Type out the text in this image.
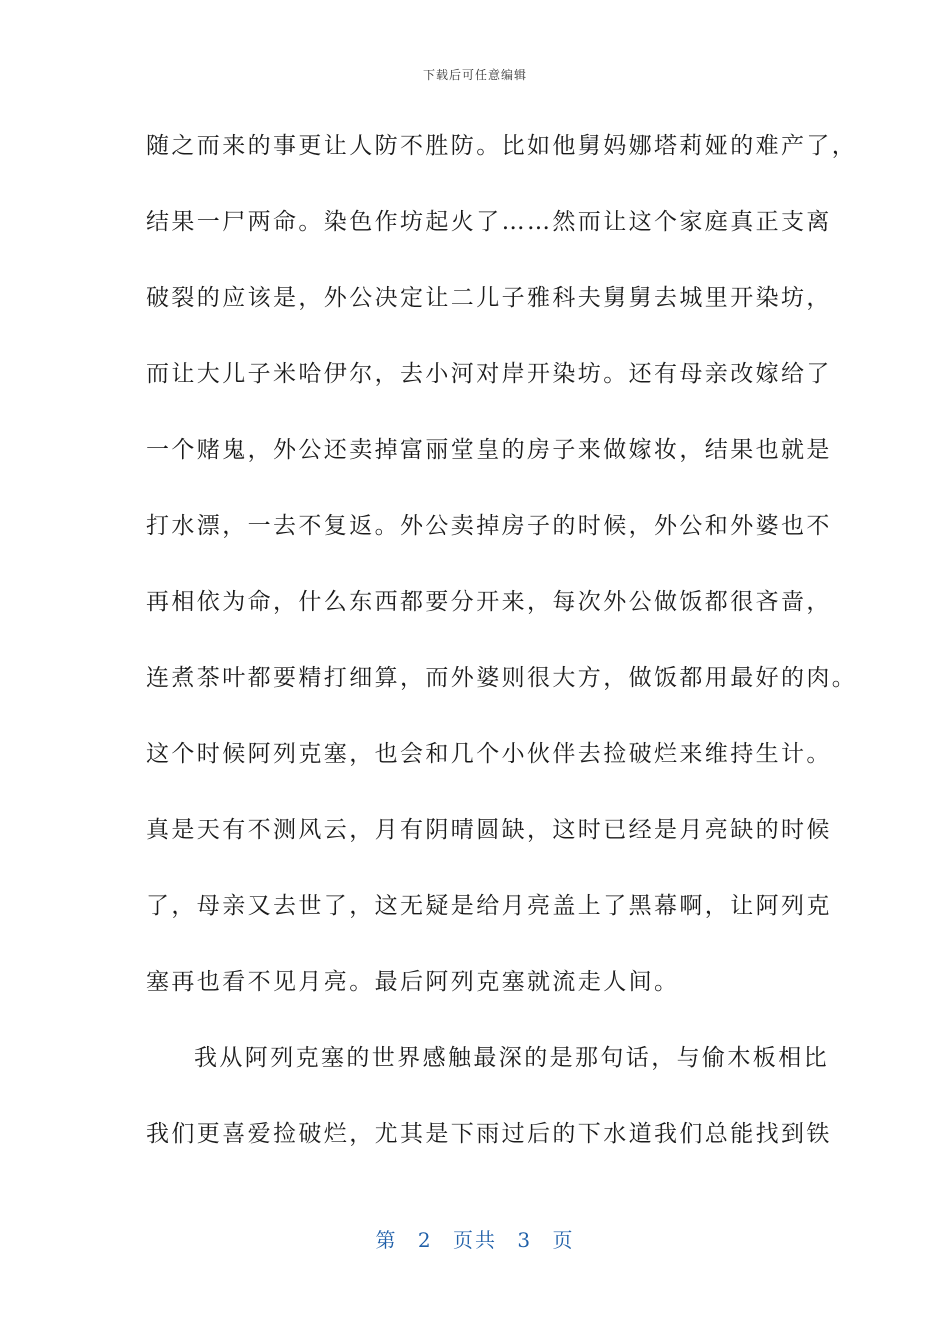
下载后可任意编辑
随之而来的事更让人防不胜防。比如他舅妈娜塔莉娅的难产了，
结果一尸两命。染色作坊起火了……然而让这个家庭真正支离
破裂的应该是，外公决定让二儿子雅科夫舅舅去城里开染坊，
而让大儿子米哈伊尔，去小河对岸开染坊。还有母亲改嫁给了
一个赌鬼，外公还卖掉富丽堂皇的房子来做嫁妆，结果也就是
打水漂，一去不复返。外公卖掉房子的时候，外公和外婆也不
再相依为命，什么东西都要分开来，每次外公做饭都很吝啬，
连煮茶叶都要精打细算，而外婆则很大方，做饭都用最好的肉。
这个时候阿列克塞，也会和几个小伙伴去捡破烂来维持生计。
真是天有不测风云，月有阴晴圆缺，这时已经是月亮缺的时候
了，母亲又去世了，这无疑是给月亮盖上了黑幕啊，让阿列克
塞再也看不见月亮。最后阿列克塞就流走人间。
我从阿列克塞的世界感触最深的是那句话，与偷木板相比
我们更喜爱捡破烂，尤其是下雨过后的下水道我们总能找到铁
第 2 页共 3 页
